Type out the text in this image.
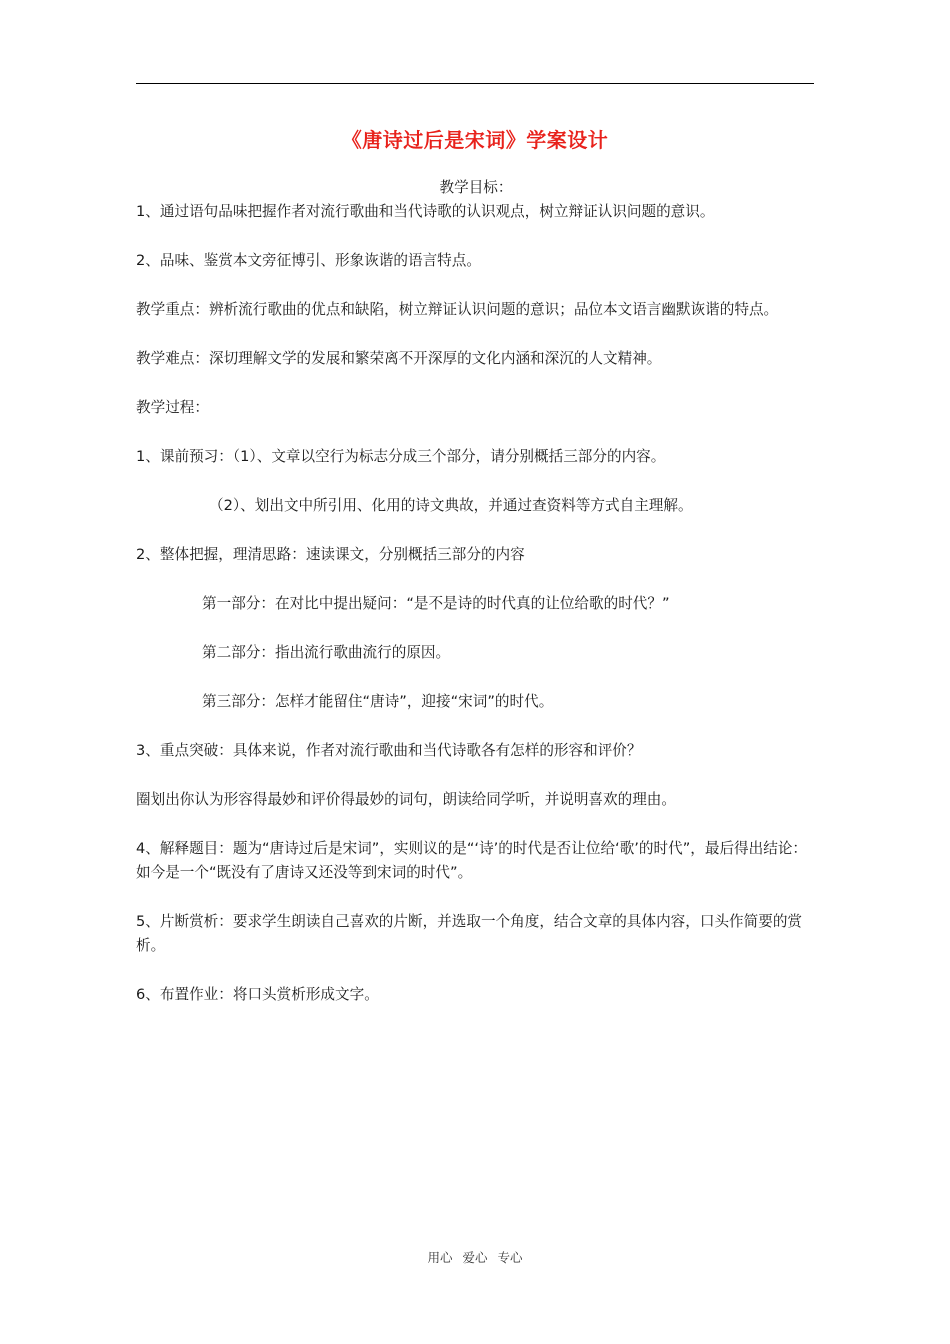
《唐诗过后是宋词》学案设计

教学目标：

1、通过语句品味把握作者对流行歌曲和当代诗歌的认识观点，树立辩证认识问题的意识。

2、品味、鉴赏本文旁征博引、形象诙谐的语言特点。

教学重点：辨析流行歌曲的优点和缺陷，树立辩证认识问题的意识；品位本文语言幽默诙谐的特点。

教学难点：深切理解文学的发展和繁荣离不开深厚的文化内涵和深沉的人文精神。

教学过程：

1、课前预习：（1）、文章以空行为标志分成三个部分，请分别概括三部分的内容。

（2）、划出文中所引用、化用的诗文典故，并通过查资料等方式自主理解。

2、整体把握，理清思路：速读课文，分别概括三部分的内容

第一部分：在对比中提出疑问：“是不是诗的时代真的让位给歌的时代？”

第二部分：指出流行歌曲流行的原因。

第三部分：怎样才能留住“唐诗”，迎接“宋词”的时代。

3、重点突破：具体来说，作者对流行歌曲和当代诗歌各有怎样的形容和评价？

圈划出你认为形容得最妙和评价得最妙的词句，朗读给同学听，并说明喜欢的理由。

4、解释题目：题为“唐诗过后是宋词”，实则议的是“‘诗’的时代是否让位给‘歌’的时代”，最后得出结论：如今是一个“既没有了唐诗又还没等到宋词的时代”。

5、片断赏析：要求学生朗读自己喜欢的片断，并选取一个角度，结合文章的具体内容，口头作简要的赏析。

6、布置作业：将口头赏析形成文字。

用心 爱心 专心
